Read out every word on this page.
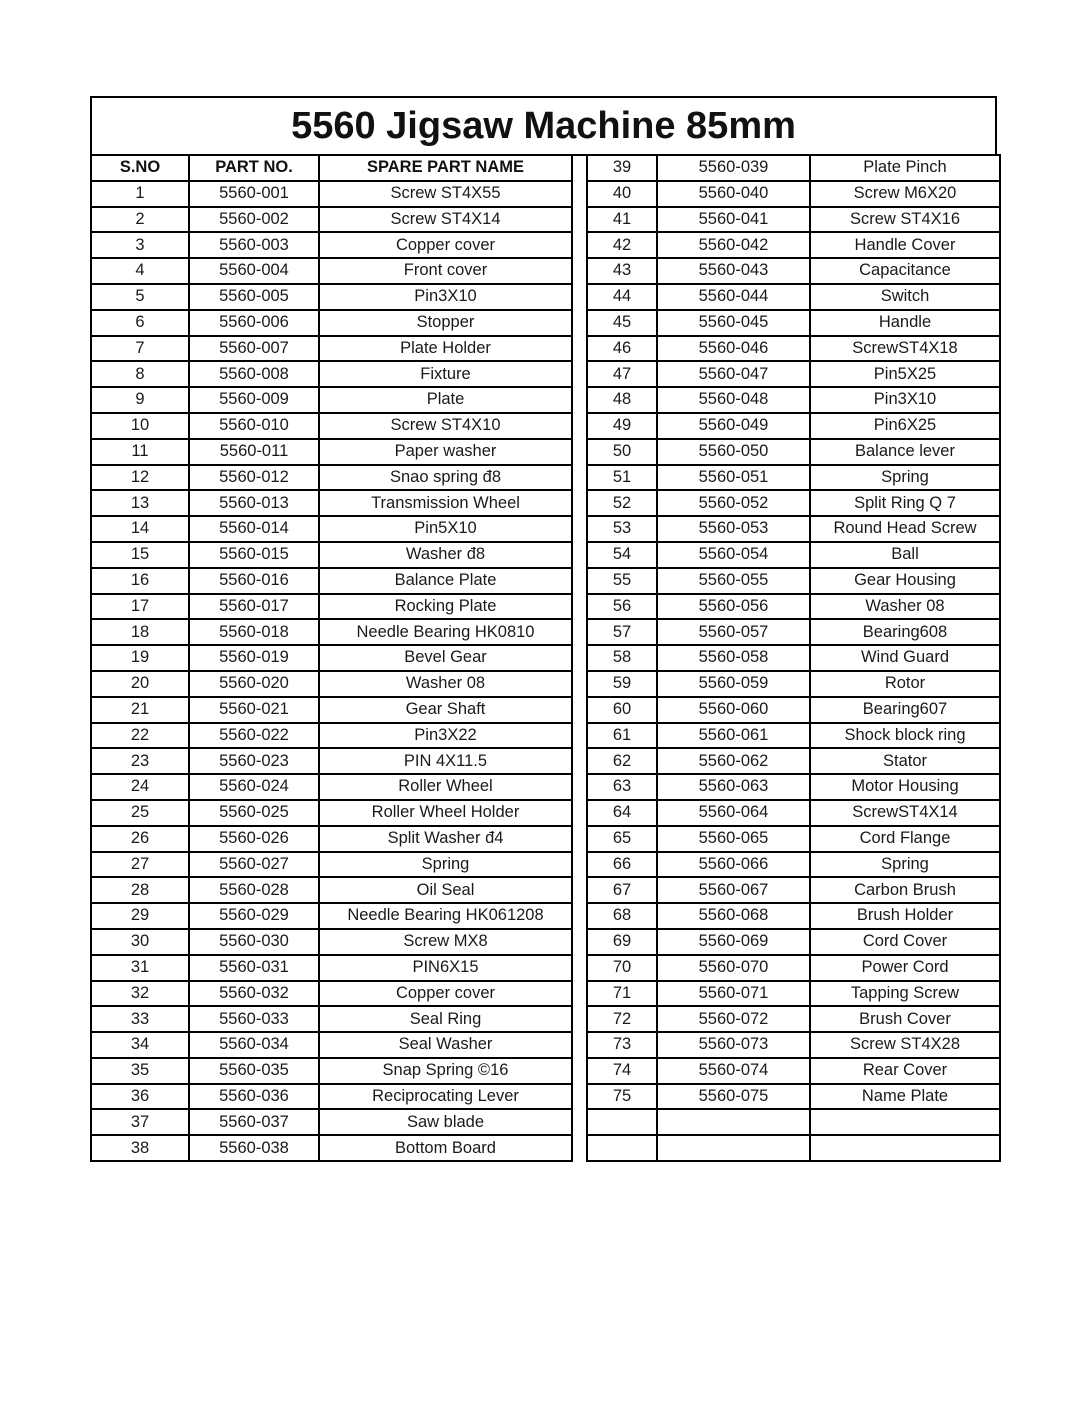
5560 Jigsaw Machine 85mm
S.NO	PART NO.	SPARE PART NAME
1	5560-001	Screw ST4X55
2	5560-002	Screw ST4X14
3	5560-003	Copper cover
4	5560-004	Front cover
5	5560-005	Pin3X10
6	5560-006	Stopper
7	5560-007	Plate Holder
8	5560-008	Fixture
9	5560-009	Plate
10	5560-010	Screw ST4X10
11	5560-011	Paper washer
12	5560-012	Snao spring đ8
13	5560-013	Transmission Wheel
14	5560-014	Pin5X10
15	5560-015	Washer đ8
16	5560-016	Balance Plate
17	5560-017	Rocking Plate
18	5560-018	Needle Bearing HK0810
19	5560-019	Bevel Gear
20	5560-020	Washer 08
21	5560-021	Gear Shaft
22	5560-022	Pin3X22
23	5560-023	PIN 4X11.5
24	5560-024	Roller Wheel
25	5560-025	Roller Wheel Holder
26	5560-026	Split Washer đ4
27	5560-027	Spring
28	5560-028	Oil Seal
29	5560-029	Needle Bearing HK061208
30	5560-030	Screw MX8
31	5560-031	PIN6X15
32	5560-032	Copper cover
33	5560-033	Seal Ring
34	5560-034	Seal Washer
35	5560-035	Snap Spring ©16
36	5560-036	Reciprocating Lever
37	5560-037	Saw blade
38	5560-038	Bottom Board
39	5560-039	Plate Pinch
40	5560-040	Screw M6X20
41	5560-041	Screw ST4X16
42	5560-042	Handle Cover
43	5560-043	Capacitance
44	5560-044	Switch
45	5560-045	Handle
46	5560-046	ScrewST4X18
47	5560-047	Pin5X25
48	5560-048	Pin3X10
49	5560-049	Pin6X25
50	5560-050	Balance lever
51	5560-051	Spring
52	5560-052	Split Ring Q 7
53	5560-053	Round Head Screw
54	5560-054	Ball
55	5560-055	Gear Housing
56	5560-056	Washer 08
57	5560-057	Bearing608
58	5560-058	Wind Guard
59	5560-059	Rotor
60	5560-060	Bearing607
61	5560-061	Shock block ring
62	5560-062	Stator
63	5560-063	Motor Housing
64	5560-064	ScrewST4X14
65	5560-065	Cord Flange
66	5560-066	Spring
67	5560-067	Carbon Brush
68	5560-068	Brush Holder
69	5560-069	Cord Cover
70	5560-070	Power Cord
71	5560-071	Tapping Screw
72	5560-072	Brush Cover
73	5560-073	Screw ST4X28
74	5560-074	Rear Cover
75	5560-075	Name Plate
